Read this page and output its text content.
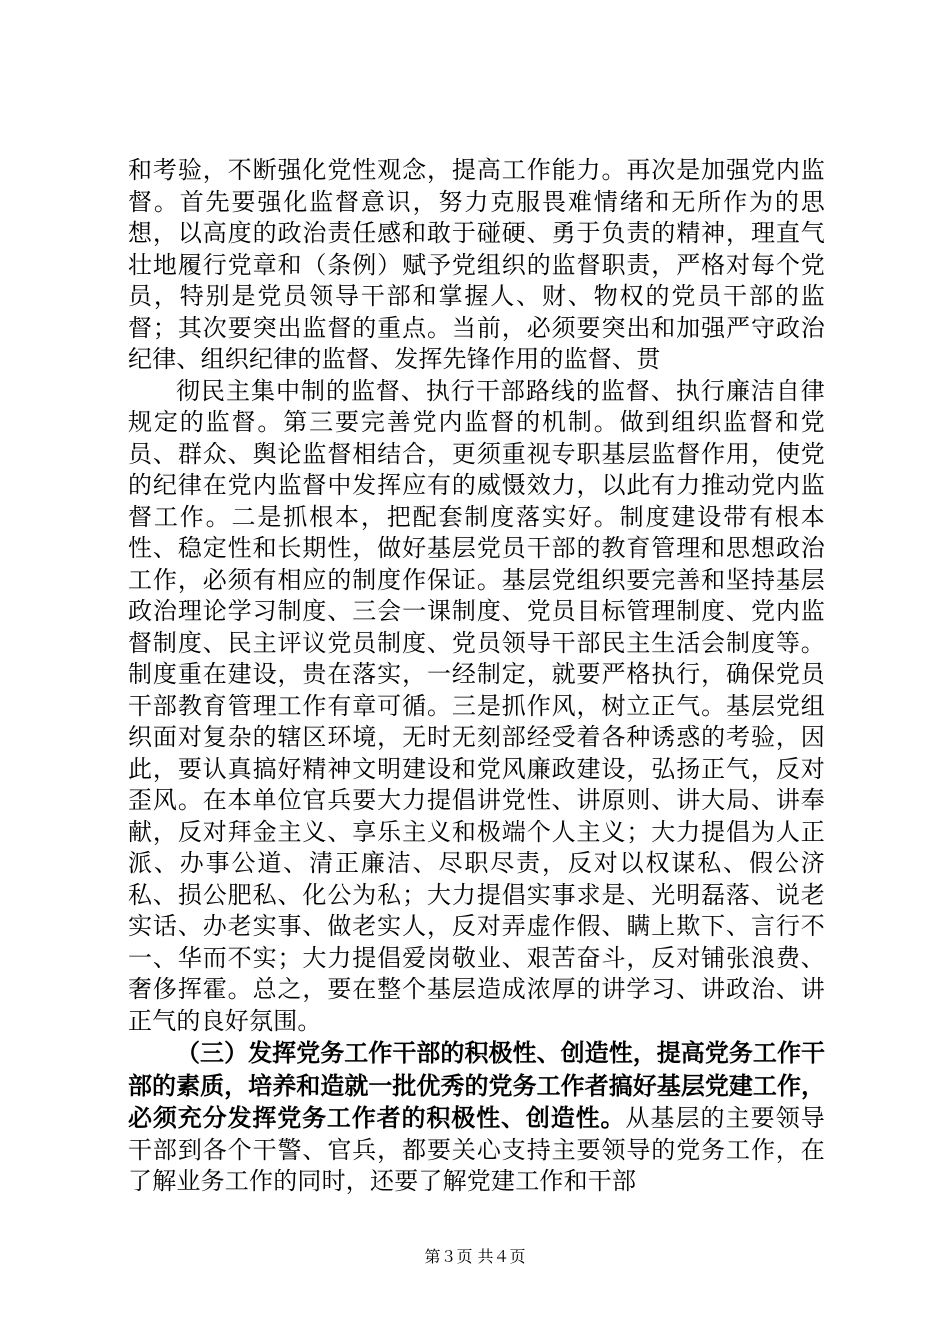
和考验，不断强化党性观念，提高工作能力。再次是加强党内监督。首先要强化监督意识，努力克服畏难情绪和无所作为的思想，以高度的政治责任感和敢于碰硬、勇于负责的精神，理直气壮地履行党章和（条例）赋予党组织的监督职责，严格对每个党员，特别是党员领导干部和掌握人、财、物权的党员干部的监督；其次要突出监督的重点。当前，必须要突出和加强严守政治纪律、组织纪律的监督、发挥先锋作用的监督、贯

彻民主集中制的监督、执行干部路线的监督、执行廉洁自律规定的监督。第三要完善党内监督的机制。做到组织监督和党员、群众、舆论监督相结合，更须重视专职基层监督作用，使党的纪律在党内监督中发挥应有的威慑效力，以此有力推动党内监督工作。二是抓根本，把配套制度落实好。制度建设带有根本性、稳定性和长期性，做好基层党员干部的教育管理和思想政治工作，必须有相应的制度作保证。基层党组织要完善和坚持基层政治理论学习制度、三会一课制度、党员目标管理制度、党内监督制度、民主评议党员制度、党员领导干部民主生活会制度等。制度重在建设，贵在落实，一经制定，就要严格执行，确保党员干部教育管理工作有章可循。三是抓作风，树立正气。基层党组织面对复杂的辖区环境，无时无刻部经受着各种诱惑的考验，因此，要认真搞好精神文明建设和党风廉政建设，弘扬正气，反对歪风。在本单位官兵要大力提倡讲党性、讲原则、讲大局、讲奉献，反对拜金主义、享乐主义和极端个人主义；大力提倡为人正派、办事公道、清正廉洁、尽职尽责，反对以权谋私、假公济私、损公肥私、化公为私；大力提倡实事求是、光明磊落、说老实话、办老实事、做老实人，反对弄虚作假、瞒上欺下、言行不一、华而不实；大力提倡爱岗敬业、艰苦奋斗，反对铺张浪费、奢侈挥霍。总之，要在整个基层造成浓厚的讲学习、讲政治、讲正气的良好氛围。

（三）发挥党务工作干部的积极性、创造性，提高党务工作干部的素质，培养和造就一批优秀的党务工作者搞好基层党建工作，必须充分发挥党务工作者的积极性、创造性。从基层的主要领导干部到各个干警、官兵，都要关心支持主要领导的党务工作，在了解业务工作的同时，还要了解党建工作和干部

第３页 共４页
